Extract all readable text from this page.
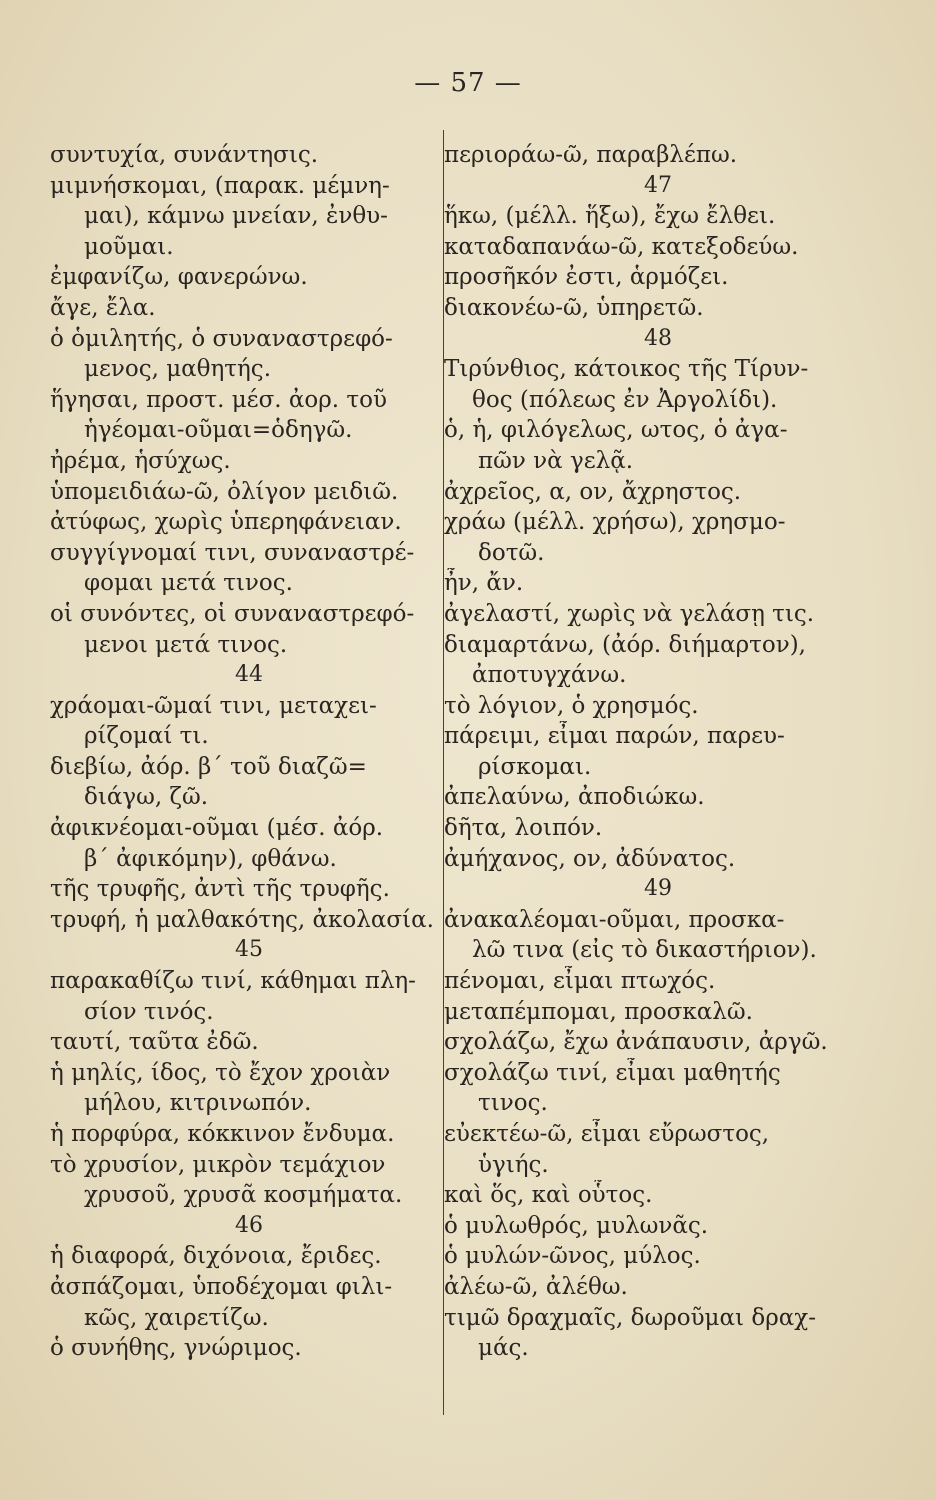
— 57 —
συντυχία, συνάντησις.
μιμνήσκομαι, (παρακ. μέμνη-
μαι), κάμνω μνείαν, ἐνθυ-
μοῦμαι.
ἐμφανίζω, φανερώνω.
ἄγε, ἔλα.
ὁ ὁμιλητής, ὁ συναναστρεφό-
μενος, μαθητής.
ἥγησαι, προστ. μέσ. ἀορ. τοῦ
ἡγέομαι-οῦμαι=ὁδηγῶ.
ἠρέμα, ἡσύχως.
ὑπομειδιάω-ῶ, ὀλίγον μειδιῶ.
ἀτύφως, χωρὶς ὑπερηφάνειαν.
συγγίγνομαί τινι, συναναστρέ-
φομαι μετά τινος.
οἱ συνόντες, οἱ συναναστρεφό-
μενοι μετά τινος.
44
χράομαι-ῶμαί τινι, μεταχει-
ρίζομαί τι.
διεβίω, ἀόρ. β΄ τοῦ διαζῶ=
διάγω, ζῶ.
ἀφικνέομαι-οῦμαι (μέσ. ἀόρ.
β΄ ἀφικόμην), φθάνω.
τῆς τρυφῆς, ἀντὶ τῆς τρυφῆς.
τρυφή, ἡ μαλθακότης, ἀκολασία.
45
παρακαθίζω τινί, κάθημαι πλη-
σίον τινός.
ταυτί, ταῦτα ἐδῶ.
ἡ μηλίς, ίδος, τὸ ἔχον χροιὰν
μήλου, κιτρινωπόν.
ἡ πορφύρα, κόκκινον ἔνδυμα.
τὸ χρυσίον, μικρὸν τεμάχιον
χρυσοῦ, χρυσᾶ κοσμήματα.
46
ἡ διαφορά, διχόνοια, ἔριδες.
ἀσπάζομαι, ὑποδέχομαι φιλι-
κῶς, χαιρετίζω.
ὁ συνήθης, γνώριμος.
περιοράω-ῶ, παραβλέπω.
47
ἥκω, (μέλλ. ἥξω), ἔχω ἔλθει.
καταδαπανάω-ῶ, κατεξοδεύω.
προσῆκόν ἐστι, ἁρμόζει.
διακονέω-ῶ, ὑπηρετῶ.
48
Τιρύνθιος, κάτοικος τῆς Τίρυν-
θος (πόλεως ἐν Ἀργολίδι).
ὁ, ἡ, φιλόγελως, ωτος, ὁ ἀγα-
πῶν νὰ γελᾷ.
ἀχρεῖος, α, ον, ἄχρηστος.
χράω (μέλλ. χρήσω), χρησμο-
δοτῶ.
ἦν, ἄν.
ἀγελαστί, χωρὶς νὰ γελάσῃ τις.
διαμαρτάνω, (ἀόρ. διήμαρτον),
ἀποτυγχάνω.
τὸ λόγιον, ὁ χρησμός.
πάρειμι, εἶμαι παρών, παρευ-
ρίσκομαι.
ἀπελαύνω, ἀποδιώκω.
δῆτα, λοιπόν.
ἀμήχανος, ον, ἀδύνατος.
49
ἀνακαλέομαι-οῦμαι, προσκα-
λῶ τινα (εἰς τὸ δικαστήριον).
πένομαι, εἶμαι πτωχός.
μεταπέμπομαι, προσκαλῶ.
σχολάζω, ἔχω ἀνάπαυσιν, ἀργῶ.
σχολάζω τινί, εἶμαι μαθητής
τινος.
εὐεκτέω-ῶ, εἶμαι εὔρωστος,
ὑγιής.
καὶ ὅς, καὶ οὗτος.
ὁ μυλωθρός, μυλωνᾶς.
ὁ μυλών-ῶνος, μύλος.
ἀλέω-ῶ, ἀλέθω.
τιμῶ δραχμαῖς, δωροῦμαι δραχ-
μάς.
